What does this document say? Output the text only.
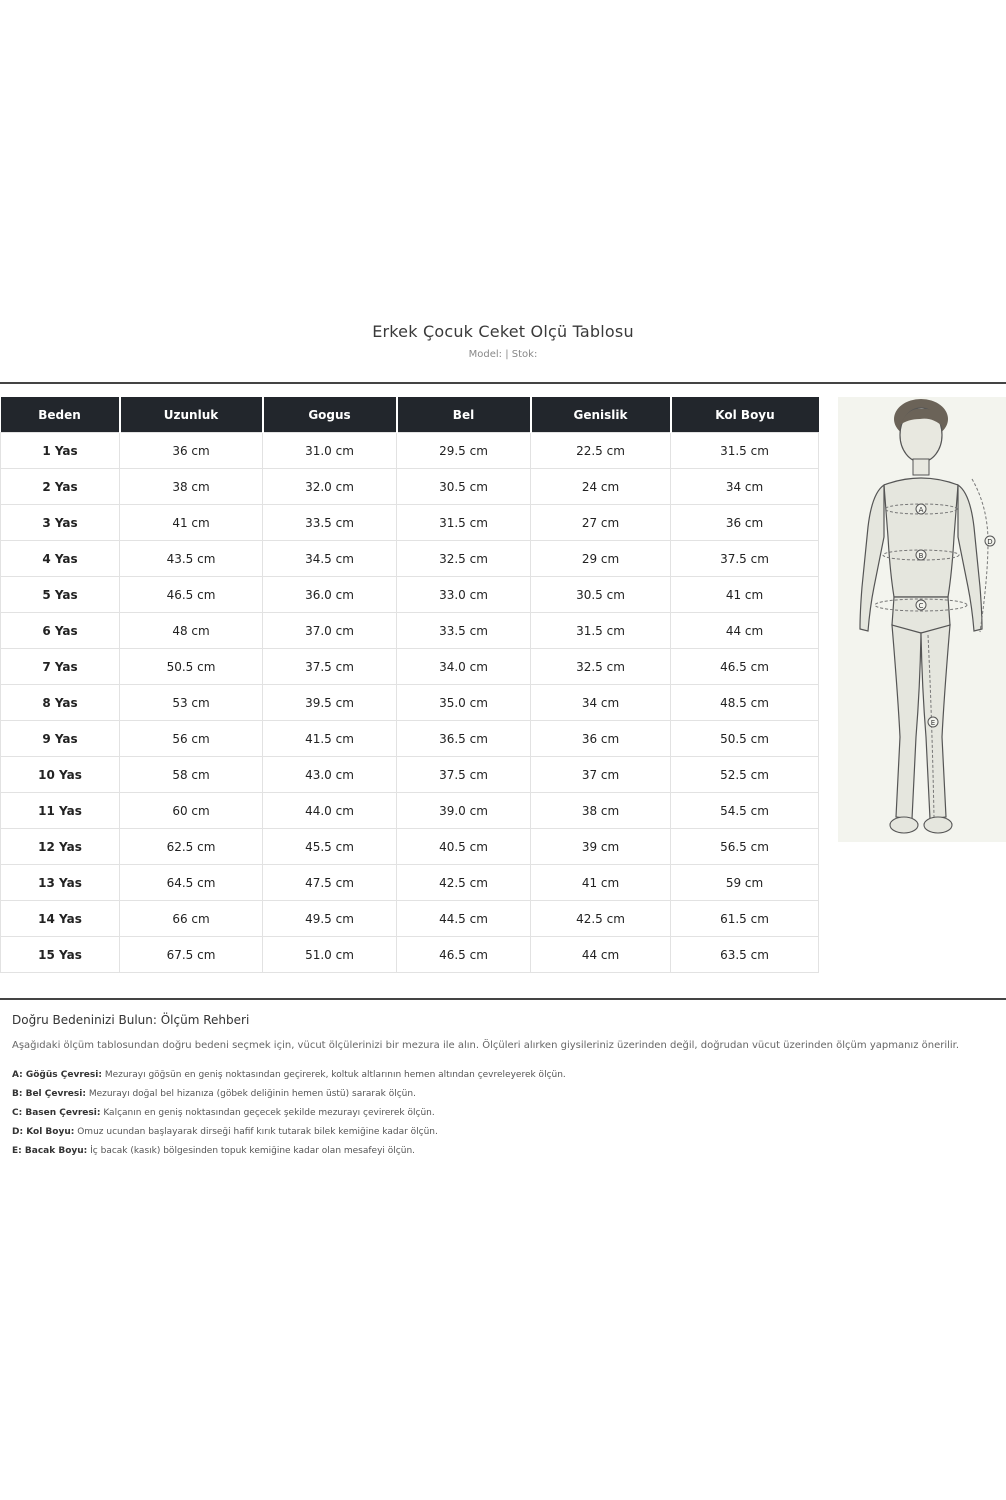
Erkek Çocuk Ceket Olçü Tablosu
Model: | Stok:
Beden	Uzunluk	Gogus	Bel	Genislik	Kol Boyu
1 Yas	36 cm	31.0 cm	29.5 cm	22.5 cm	31.5 cm
2 Yas	38 cm	32.0 cm	30.5 cm	24 cm	34 cm
3 Yas	41 cm	33.5 cm	31.5 cm	27 cm	36 cm
4 Yas	43.5 cm	34.5 cm	32.5 cm	29 cm	37.5 cm
5 Yas	46.5 cm	36.0 cm	33.0 cm	30.5 cm	41 cm
6 Yas	48 cm	37.0 cm	33.5 cm	31.5 cm	44 cm
7 Yas	50.5 cm	37.5 cm	34.0 cm	32.5 cm	46.5 cm
8 Yas	53 cm	39.5 cm	35.0 cm	34 cm	48.5 cm
9 Yas	56 cm	41.5 cm	36.5 cm	36 cm	50.5 cm
10 Yas	58 cm	43.0 cm	37.5 cm	37 cm	52.5 cm
11 Yas	60 cm	44.0 cm	39.0 cm	38 cm	54.5 cm
12 Yas	62.5 cm	45.5 cm	40.5 cm	39 cm	56.5 cm
13 Yas	64.5 cm	47.5 cm	42.5 cm	41 cm	59 cm
14 Yas	66 cm	49.5 cm	44.5 cm	42.5 cm	61.5 cm
15 Yas	67.5 cm	51.0 cm	46.5 cm	44 cm	63.5 cm
A
B
C
D
E
Doğru Bedeninizi Bulun: Ölçüm Rehberi
Aşağıdaki ölçüm tablosundan doğru bedeni seçmek için, vücut ölçülerinizi bir mezura ile alın. Ölçüleri alırken giysileriniz üzerinden değil, doğrudan vücut üzerinden ölçüm yapmanız önerilir.
A: Göğüs Çevresi: Mezurayı göğsün en geniş noktasından geçirerek, koltuk altlarının hemen altından çevreleyerek ölçün.
B: Bel Çevresi: Mezurayı doğal bel hizanıza (göbek deliğinin hemen üstü) sararak ölçün.
C: Basen Çevresi: Kalçanın en geniş noktasından geçecek şekilde mezurayı çevirerek ölçün.
D: Kol Boyu: Omuz ucundan başlayarak dirseği hafif kırık tutarak bilek kemiğine kadar ölçün.
E: Bacak Boyu: İç bacak (kasık) bölgesinden topuk kemiğine kadar olan mesafeyi ölçün.
